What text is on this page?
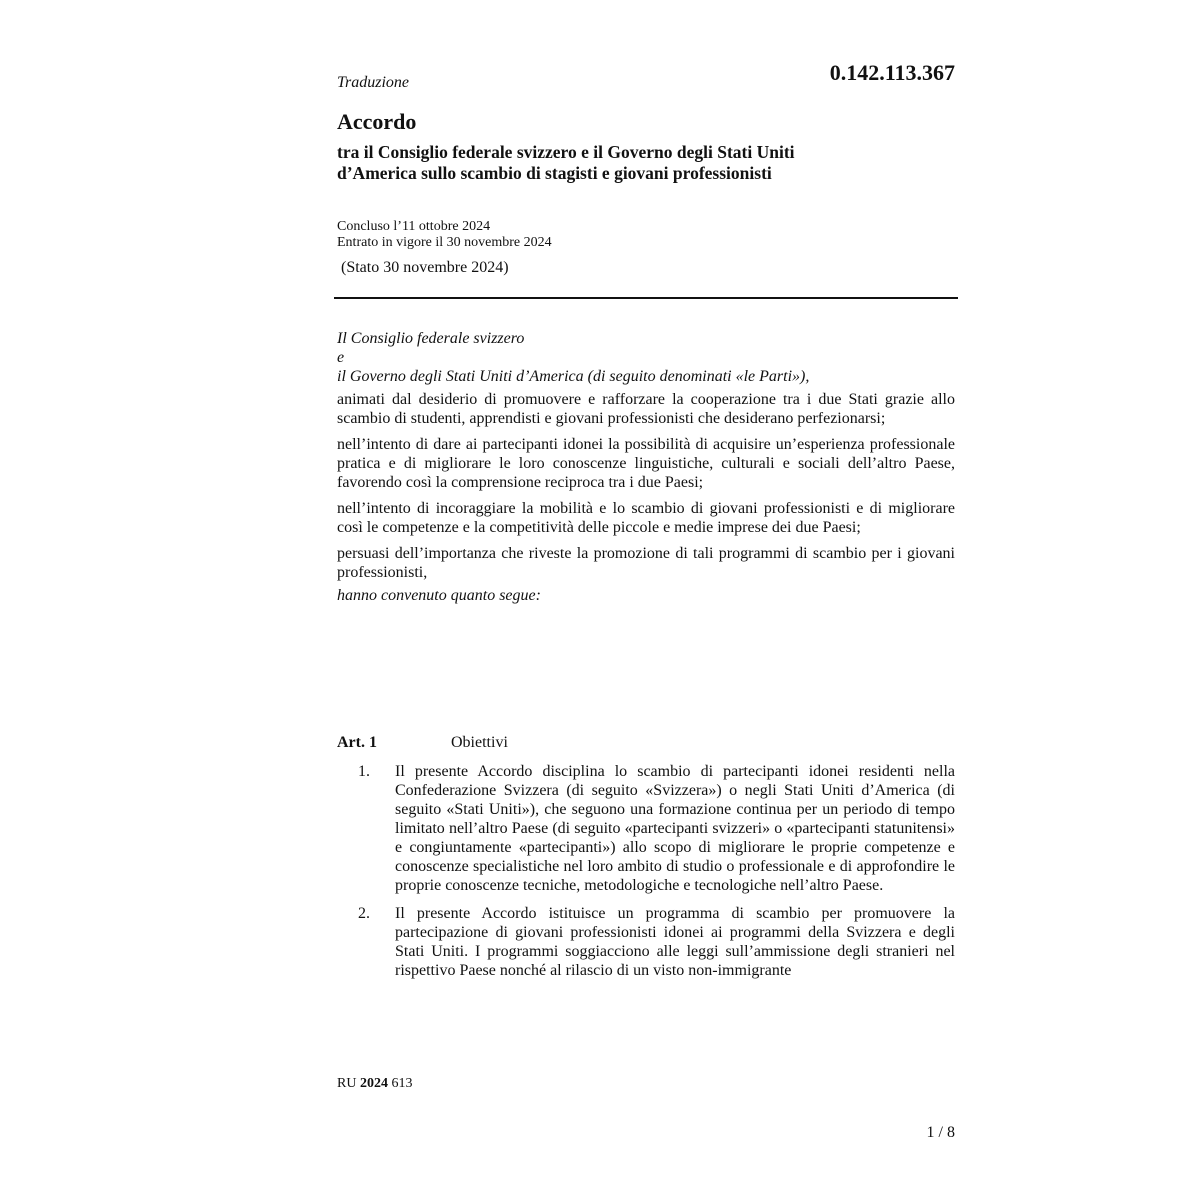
Traduzione	0.142.113.367
Accordo
tra il Consiglio federale svizzero e il Governo degli Stati Uniti
d’America sullo scambio di stagisti e giovani professionisti
Concluso l’11 ottobre 2024
Entrato in vigore il 30 novembre 2024
(Stato 30 novembre 2024)
Il Consiglio federale svizzero
e
il Governo degli Stati Uniti d’America (di seguito denominati «le Parti»),
animati dal desiderio di promuovere e rafforzare la cooperazione tra i due Stati grazie allo scambio di studenti, apprendisti e giovani professionisti che desiderano perfezionarsi;
nell’intento di dare ai partecipanti idonei la possibilità di acquisire un’esperienza professionale pratica e di migliorare le loro conoscenze linguistiche, culturali e sociali dell’altro Paese, favorendo così la comprensione reciproca tra i due Paesi;
nell’intento di incoraggiare la mobilità e lo scambio di giovani professionisti e di migliorare così le competenze e la competitività delle piccole e medie imprese dei due Paesi;
persuasi dell’importanza che riveste la promozione di tali programmi di scambio per i giovani professionisti,
hanno convenuto quanto segue:
Art. 1	Obiettivi
1.	Il presente Accordo disciplina lo scambio di partecipanti idonei residenti nella Confederazione Svizzera (di seguito «Svizzera») o negli Stati Uniti d’America (di seguito «Stati Uniti»), che seguono una formazione continua per un periodo di tempo limitato nell’altro Paese (di seguito «partecipanti svizzeri» o «partecipanti statunitensi» e congiuntamente «partecipanti») allo scopo di migliorare le proprie competenze e conoscenze specialistiche nel loro ambito di studio o professionale e di approfondire le proprie conoscenze tecniche, metodologiche e tecnologiche nell’altro Paese.
2.	Il presente Accordo istituisce un programma di scambio per promuovere la partecipazione di giovani professionisti idonei ai programmi della Svizzera e degli Stati Uniti. I programmi soggiacciono alle leggi sull’ammissione degli stranieri nel rispettivo Paese nonché al rilascio di un visto non-immigrante
RU 2024 613
1 / 8
